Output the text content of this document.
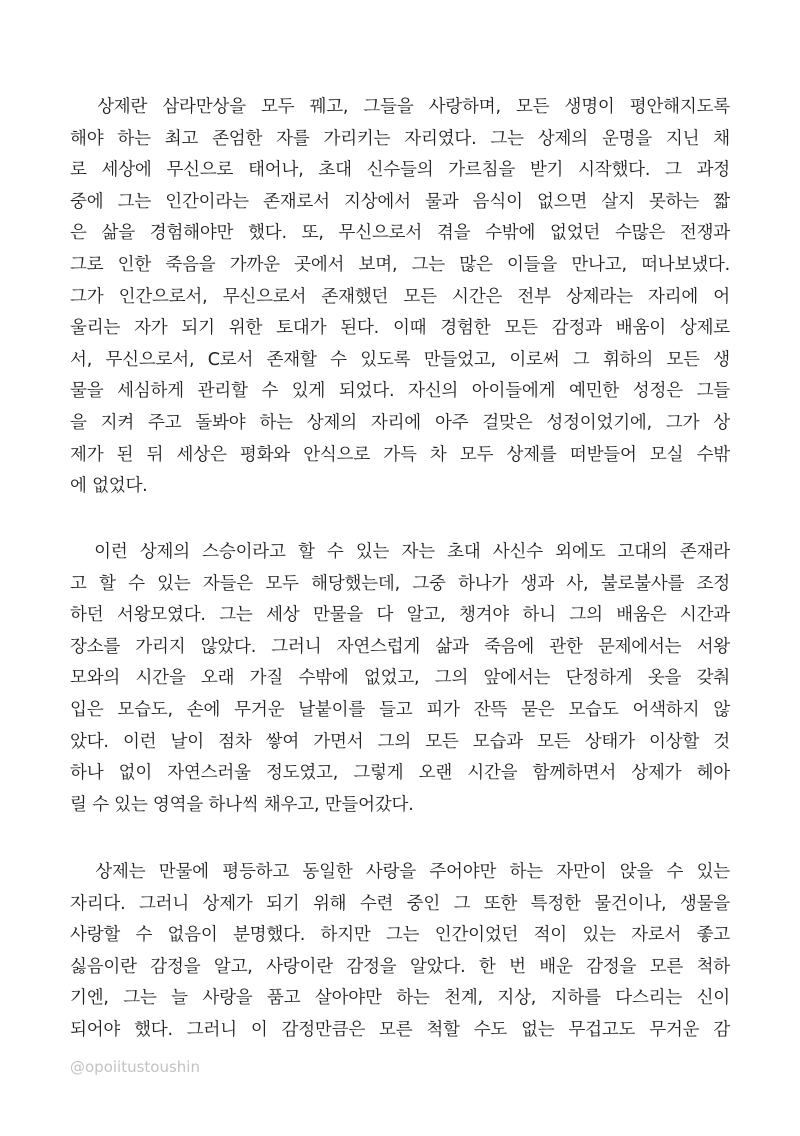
　상제란 삼라만상을 모두 꿰고, 그들을 사랑하며, 모든 생명이 평안해지도록
해야 하는 최고 존엄한 자를 가리키는 자리였다. 그는 상제의 운명을 지닌 채
로 세상에 무신으로 태어나, 초대 신수들의 가르침을 받기 시작했다. 그 과정
중에 그는 인간이라는 존재로서 지상에서 물과 음식이 없으면 살지 못하는 짧
은 삶을 경험해야만 했다. 또, 무신으로서 겪을 수밖에 없었던 수많은 전쟁과
그로 인한 죽음을 가까운 곳에서 보며, 그는 많은 이들을 만나고, 떠나보냈다.
그가 인간으로서, 무신으로서 존재했던 모든 시간은 전부 상제라는 자리에 어
울리는 자가 되기 위한 토대가 된다. 이때 경험한 모든 감정과 배움이 상제로
서, 무신으로서, C로서 존재할 수 있도록 만들었고, 이로써 그 휘하의 모든 생
물을 세심하게 관리할 수 있게 되었다. 자신의 아이들에게 예민한 성정은 그들
을 지켜 주고 돌봐야 하는 상제의 자리에 아주 걸맞은 성정이었기에, 그가 상
제가 된 뒤 세상은 평화와 안식으로 가득 차 모두 상제를 떠받들어 모실 수밖
에 없었다.
　이런 상제의 스승이라고 할 수 있는 자는 초대 사신수 외에도 고대의 존재라
고 할 수 있는 자들은 모두 해당했는데, 그중 하나가 생과 사, 불로불사를 조정
하던 서왕모였다. 그는 세상 만물을 다 알고, 챙겨야 하니 그의 배움은 시간과
장소를 가리지 않았다. 그러니 자연스럽게 삶과 죽음에 관한 문제에서는 서왕
모와의 시간을 오래 가질 수밖에 없었고, 그의 앞에서는 단정하게 옷을 갖춰
입은 모습도, 손에 무거운 날붙이를 들고 피가 잔뜩 묻은 모습도 어색하지 않
았다. 이런 날이 점차 쌓여 가면서 그의 모든 모습과 모든 상태가 이상할 것
하나 없이 자연스러울 정도였고, 그렇게 오랜 시간을 함께하면서 상제가 헤아
릴 수 있는 영역을 하나씩 채우고, 만들어갔다.
　상제는 만물에 평등하고 동일한 사랑을 주어야만 하는 자만이 앉을 수 있는
자리다. 그러니 상제가 되기 위해 수련 중인 그 또한 특정한 물건이나, 생물을
사랑할 수 없음이 분명했다. 하지만 그는 인간이었던 적이 있는 자로서 좋고
싫음이란 감정을 알고, 사랑이란 감정을 알았다. 한 번 배운 감정을 모른 척하
기엔, 그는 늘 사랑을 품고 살아야만 하는 천계, 지상, 지하를 다스리는 신이
되어야 했다. 그러니 이 감정만큼은 모른 척할 수도 없는 무겁고도 무거운 감
@opoiitustoushin
